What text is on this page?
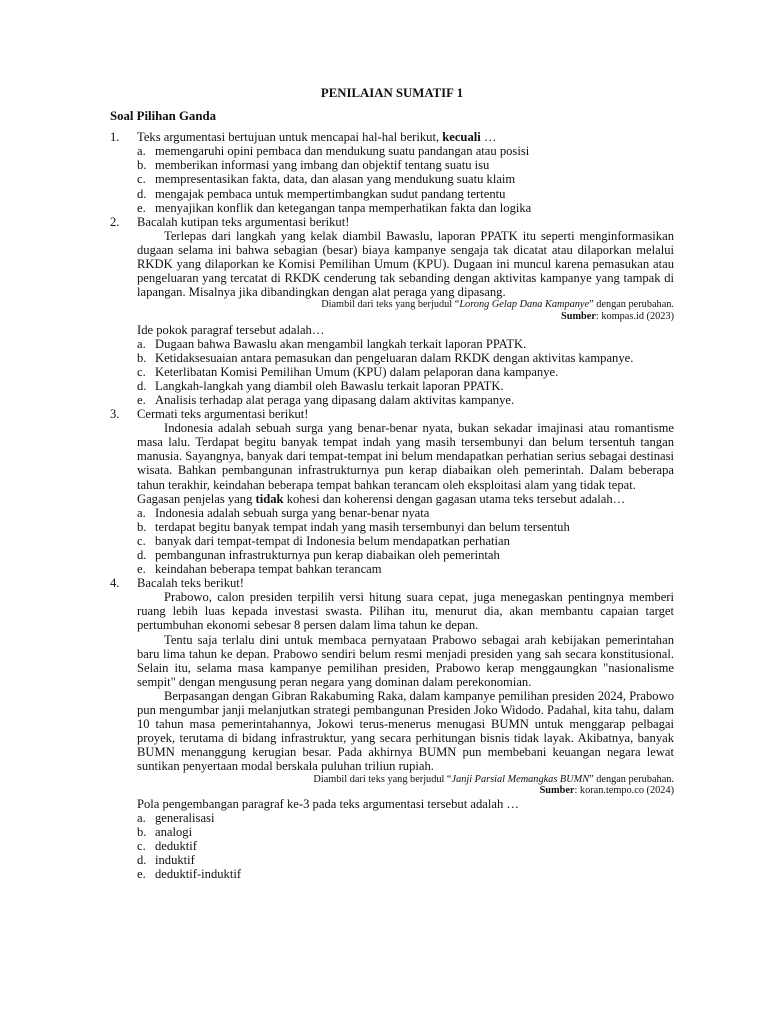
PENILAIAN SUMATIF 1
Soal Pilihan Ganda
1. Teks argumentasi bertujuan untuk mencapai hal-hal berikut, kecuali …
a. memengaruhi opini pembaca dan mendukung suatu pandangan atau posisi
b. memberikan informasi yang imbang dan objektif tentang suatu isu
c. mempresentasikan fakta, data, dan alasan yang mendukung suatu klaim
d. mengajak pembaca untuk mempertimbangkan sudut pandang tertentu
e. menyajikan konflik dan ketegangan tanpa memperhatikan fakta dan logika
2. Bacalah kutipan teks argumentasi berikut!
Terlepas dari langkah yang kelak diambil Bawaslu, laporan PPATK itu seperti menginformasikan dugaan selama ini bahwa sebagian (besar) biaya kampanye sengaja tak dicatat atau dilaporkan melalui RKDK yang dilaporkan ke Komisi Pemilihan Umum (KPU). Dugaan ini muncul karena pemasukan atau pengeluaran yang tercatat di RKDK cenderung tak sebanding dengan aktivitas kampanye yang tampak di lapangan. Misalnya jika dibandingkan dengan alat peraga yang dipasang.
Diambil dari teks yang berjudul “Lorong Gelap Dana Kampanye” dengan perubahan.
Sumber: kompas.id (2023)
Ide pokok paragraf tersebut adalah…
a. Dugaan bahwa Bawaslu akan mengambil langkah terkait laporan PPATK.
b. Ketidaksesuaian antara pemasukan dan pengeluaran dalam RKDK dengan aktivitas kampanye.
c. Keterlibatan Komisi Pemilihan Umum (KPU) dalam pelaporan dana kampanye.
d. Langkah-langkah yang diambil oleh Bawaslu terkait laporan PPATK.
e. Analisis terhadap alat peraga yang dipasang dalam aktivitas kampanye.
3. Cermati teks argumentasi berikut!
Indonesia adalah sebuah surga yang benar-benar nyata, bukan sekadar imajinasi atau romantisme masa lalu. Terdapat begitu banyak tempat indah yang masih tersembunyi dan belum tersentuh tangan manusia. Sayangnya, banyak dari tempat-tempat ini belum mendapatkan perhatian serius sebagai destinasi wisata. Bahkan pembangunan infrastrukturnya pun kerap diabaikan oleh pemerintah. Dalam beberapa tahun terakhir, keindahan beberapa tempat bahkan terancam oleh eksploitasi alam yang tidak tepat.
Gagasan penjelas yang tidak kohesi dan koherensi dengan gagasan utama teks tersebut adalah…
a. Indonesia adalah sebuah surga yang benar-benar nyata
b. terdapat begitu banyak tempat indah yang masih tersembunyi dan belum tersentuh
c. banyak dari tempat-tempat di Indonesia belum mendapatkan perhatian
d. pembangunan infrastrukturnya pun kerap diabaikan oleh pemerintah
e. keindahan beberapa tempat bahkan terancam
4. Bacalah teks berikut!
Prabowo, calon presiden terpilih versi hitung suara cepat, juga menegaskan pentingnya memberi ruang lebih luas kepada investasi swasta. Pilihan itu, menurut dia, akan membantu capaian target pertumbuhan ekonomi sebesar 8 persen dalam lima tahun ke depan.
Tentu saja terlalu dini untuk membaca pernyataan Prabowo sebagai arah kebijakan pemerintahan baru lima tahun ke depan. Prabowo sendiri belum resmi menjadi presiden yang sah secara konstitusional. Selain itu, selama masa kampanye pemilihan presiden, Prabowo kerap menggaungkan "nasionalisme sempit" dengan mengusung peran negara yang dominan dalam perekonomian.
Berpasangan dengan Gibran Rakabuming Raka, dalam kampanye pemilihan presiden 2024, Prabowo pun mengumbar janji melanjutkan strategi pembangunan Presiden Joko Widodo. Padahal, kita tahu, dalam 10 tahun masa pemerintahannya, Jokowi terus-menerus menugasi BUMN untuk menggarap pelbagai proyek, terutama di bidang infrastruktur, yang secara perhitungan bisnis tidak layak. Akibatnya, banyak BUMN menanggung kerugian besar. Pada akhirnya BUMN pun membebani keuangan negara lewat suntikan penyertaan modal berskala puluhan triliun rupiah.
Diambil dari teks yang berjudul “Janji Parsial Memangkas BUMN” dengan perubahan.
Sumber: koran.tempo.co (2024)
Pola pengembangan paragraf ke-3 pada teks argumentasi tersebut adalah …
a. generalisasi
b. analogi
c. deduktif
d. induktif
e. deduktif-induktif
